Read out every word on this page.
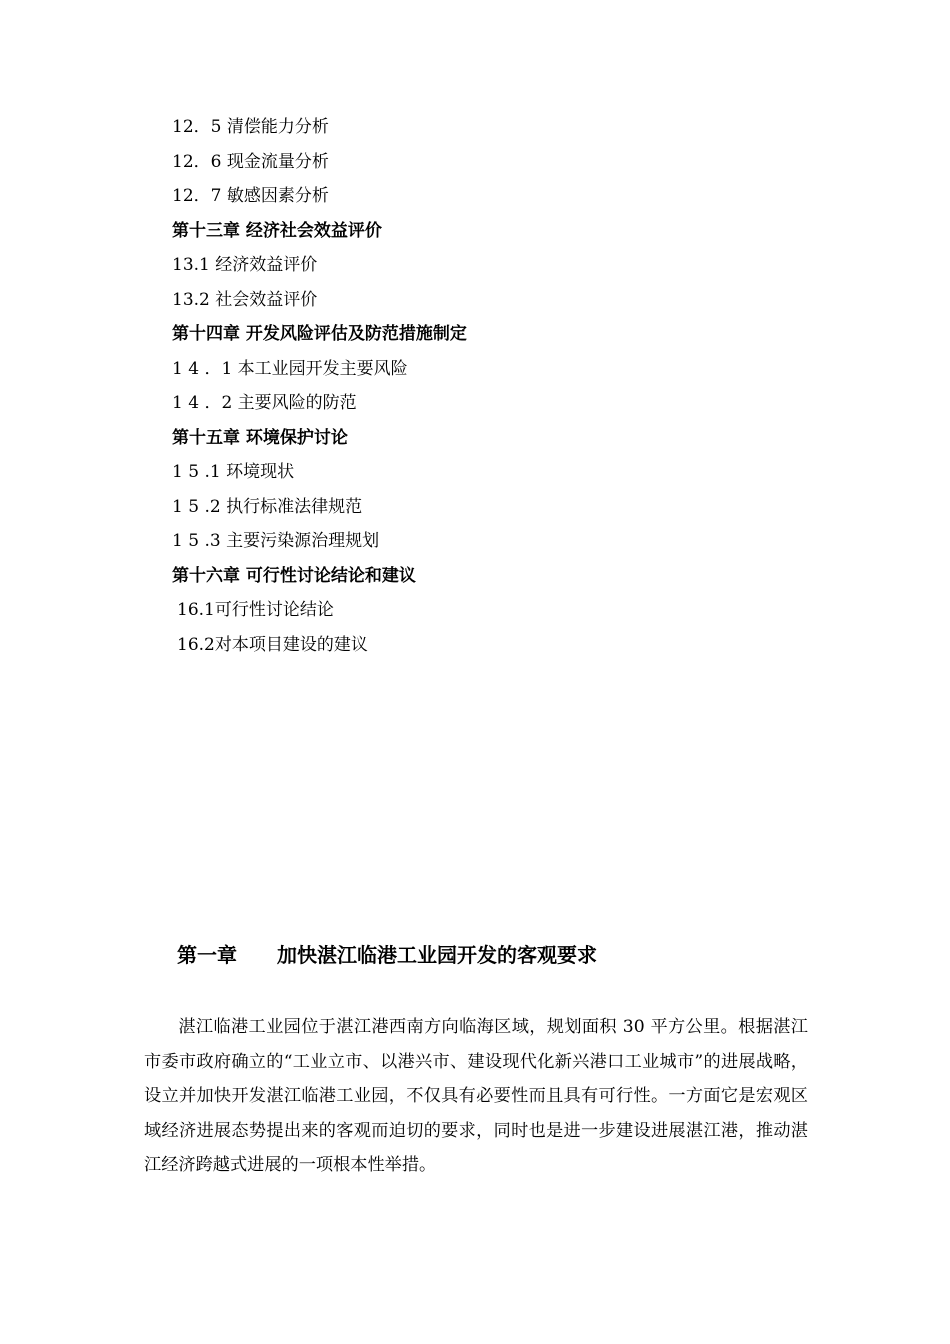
12．5 清偿能力分析
12．6 现金流量分析
12．7 敏感因素分析
第十三章 经济社会效益评价
13.1 经济效益评价
13.2 社会效益评价
第十四章 开发风险评估及防范措施制定
1 4 ．1 本工业园开发主要风险
1 4 ．2 主要风险的防范
第十五章 环境保护讨论
1 5 .1 环境现状
1 5 .2 执行标准法律规范
1 5 .3 主要污染源治理规划
第十六章 可行性讨论结论和建议
16.1可行性讨论结论
16.2对本项目建设的建议
第一章 加快湛江临港工业园开发的客观要求

湛江临港工业园位于湛江港西南方向临海区域，规划面积 30 平方公里。根据湛江市委市政府确立的“工业立市、以港兴市、建设现代化新兴港口工业城市”的进展战略，设立并加快开发湛江临港工业园，不仅具有必要性而且具有可行性。一方面它是宏观区域经济进展态势提出来的客观而迫切的要求，同时也是进一步建设进展湛江港，推动湛江经济跨越式进展的一项根本性举措。
